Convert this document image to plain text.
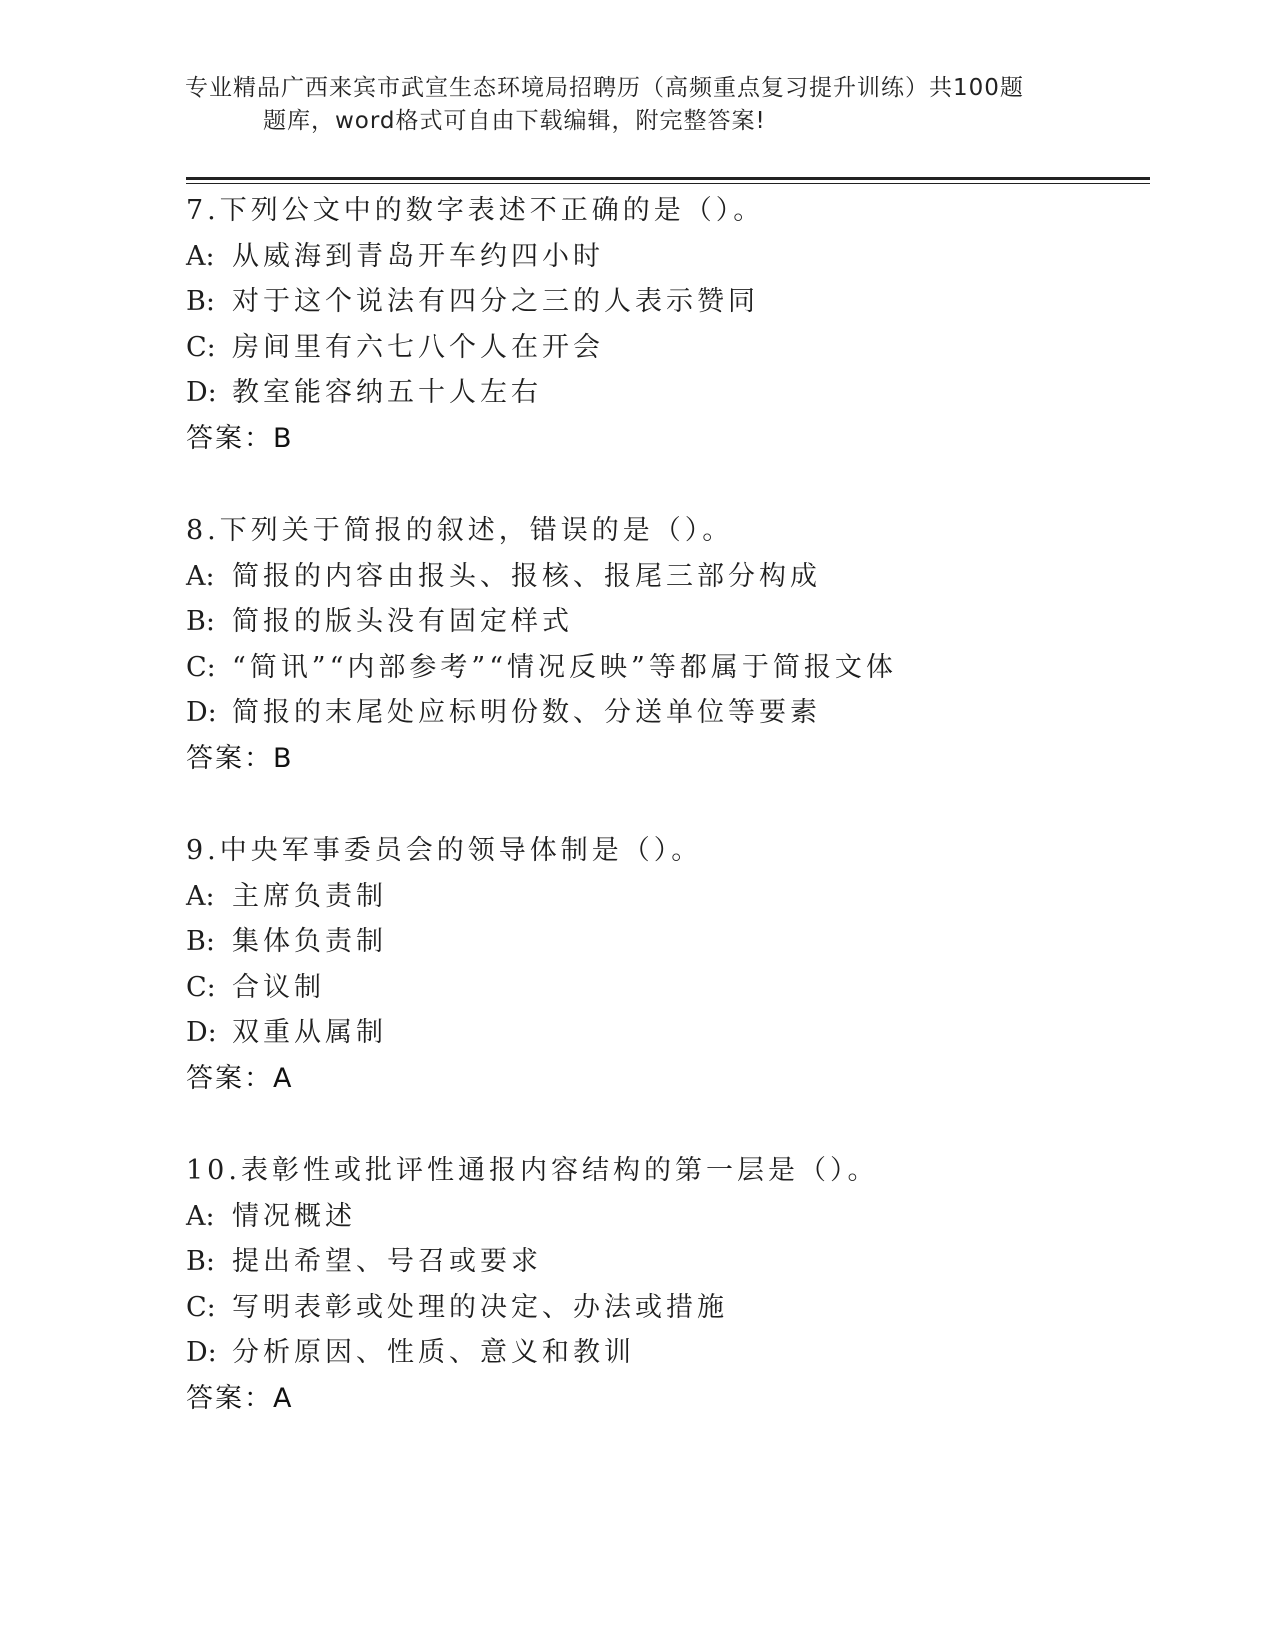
专业精品广西来宾市武宣生态环境局招聘历（高频重点复习提升训练）共100题
题库，word格式可自由下载编辑，附完整答案!
7.下列公文中的数字表述不正确的是（）。
A: 从威海到青岛开车约四小时
B: 对于这个说法有四分之三的人表示赞同
C: 房间里有六七八个人在开会
D: 教室能容纳五十人左右
答案：B
8.下列关于简报的叙述，错误的是（）。
A: 简报的内容由报头、报核、报尾三部分构成
B: 简报的版头没有固定样式
C: “简讯”“内部参考”“情况反映”等都属于简报文体
D: 简报的末尾处应标明份数、分送单位等要素
答案：B
9.中央军事委员会的领导体制是（）。
A: 主席负责制
B: 集体负责制
C: 合议制
D: 双重从属制
答案：A
10.表彰性或批评性通报内容结构的第一层是（）。
A: 情况概述
B: 提出希望、号召或要求
C: 写明表彰或处理的决定、办法或措施
D: 分析原因、性质、意义和教训
答案：A
